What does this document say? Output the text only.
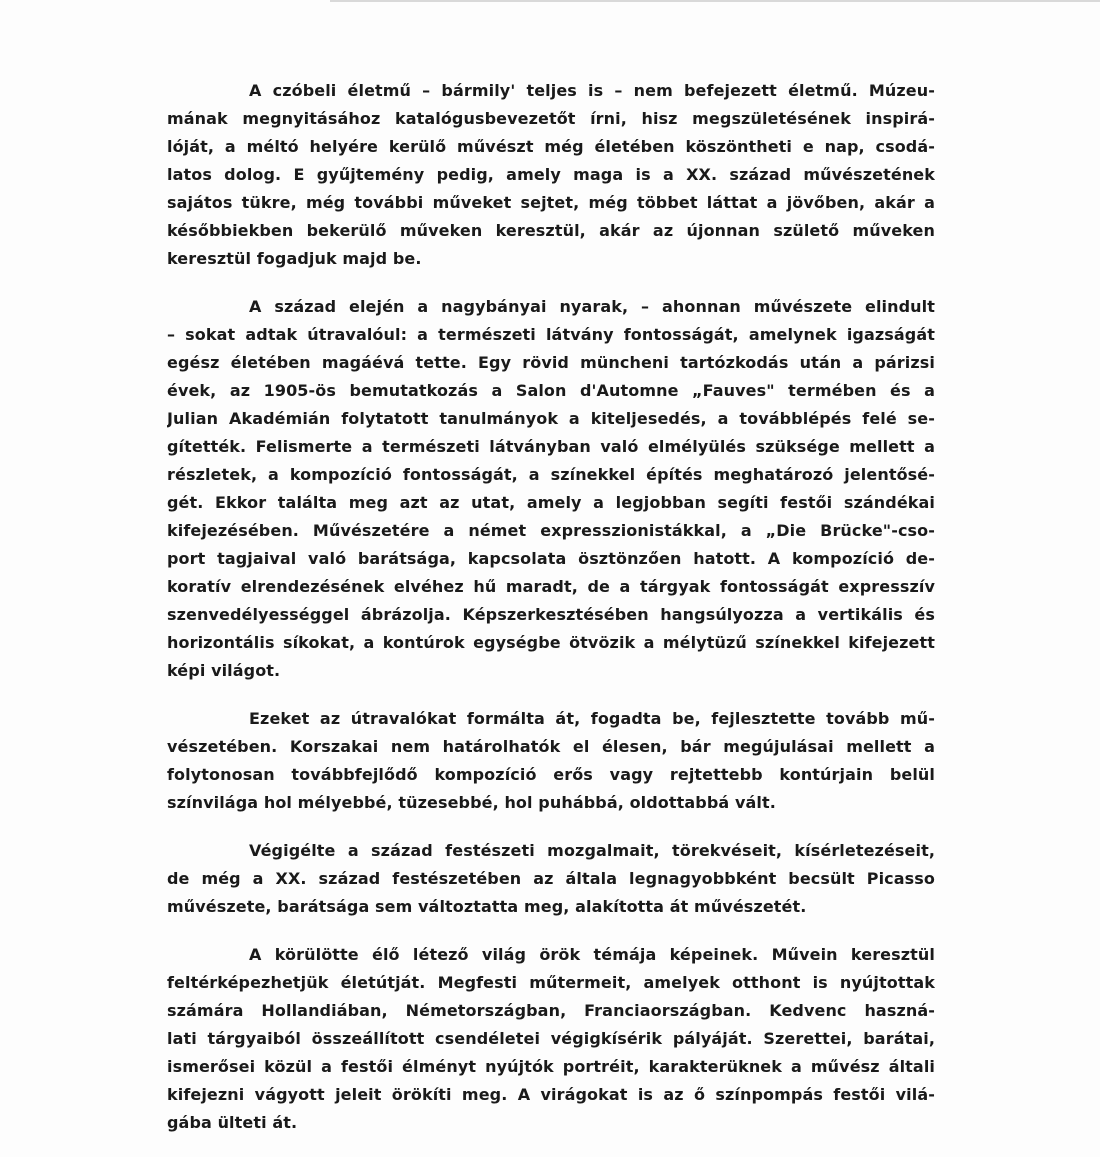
A czóbeli életmű – bármily' teljes is – nem befejezett életmű. Múzeu-
mának megnyitásához katalógusbevezetőt írni, hisz megszületésének inspirá-
lóját, a méltó helyére kerülő művészt még életében köszöntheti e nap, csodá-
latos dolog. E gyűjtemény pedig, amely maga is a XX. század művészetének
sajátos tükre, még további műveket sejtet, még többet láttat a jövőben, akár a
későbbiekben bekerülő műveken keresztül, akár az újonnan születő műveken
keresztül fogadjuk majd be.

A század elején a nagybányai nyarak, – ahonnan művészete elindult
– sokat adtak útravalóul: a természeti látvány fontosságát, amelynek igazságát
egész életében magáévá tette. Egy rövid müncheni tartózkodás után a párizsi
évek, az 1905-ös bemutatkozás a Salon d'Automne „Fauves" termében és a
Julian Akadémián folytatott tanulmányok a kiteljesedés, a továbblépés felé se-
gítették. Felismerte a természeti látványban való elmélyülés szüksége mellett a
részletek, a kompozíció fontosságát, a színekkel építés meghatározó jelentősé-
gét. Ekkor találta meg azt az utat, amely a legjobban segíti festői szándékai
kifejezésében. Művészetére a német expresszionistákkal, a „Die Brücke"-cso-
port tagjaival való barátsága, kapcsolata ösztönzően hatott. A kompozíció de-
koratív elrendezésének elvéhez hű maradt, de a tárgyak fontosságát expresszív
szenvedélyességgel ábrázolja. Képszerkesztésében hangsúlyozza a vertikális és
horizontális síkokat, a kontúrok egységbe ötvözik a mélytüzű színekkel kifejezett
képi világot.

Ezeket az útravalókat formálta át, fogadta be, fejlesztette tovább mű-
vészetében. Korszakai nem határolhatók el élesen, bár megújulásai mellett a
folytonosan továbbfejlődő kompozíció erős vagy rejtettebb kontúrjain belül
színvilága hol mélyebbé, tüzesebbé, hol puhábbá, oldottabbá vált.

Végigélte a század festészeti mozgalmait, törekvéseit, kísérletezéseit,
de még a XX. század festészetében az általa legnagyobbként becsült Picasso
művészete, barátsága sem változtatta meg, alakította át művészetét.

A körülötte élő létező világ örök témája képeinek. Művein keresztül
feltérképezhetjük életútját. Megfesti műtermeit, amelyek otthont is nyújtottak
számára Hollandiában, Németországban, Franciaországban. Kedvenc haszná-
lati tárgyaiból összeállított csendéletei végigkísérik pályáját. Szerettei, barátai,
ismerősei közül a festői élményt nyújtók portréit, karakterüknek a művész általi
kifejezni vágyott jeleit örökíti meg. A virágokat is az ő színpompás festői vilá-
gába ülteti át.
